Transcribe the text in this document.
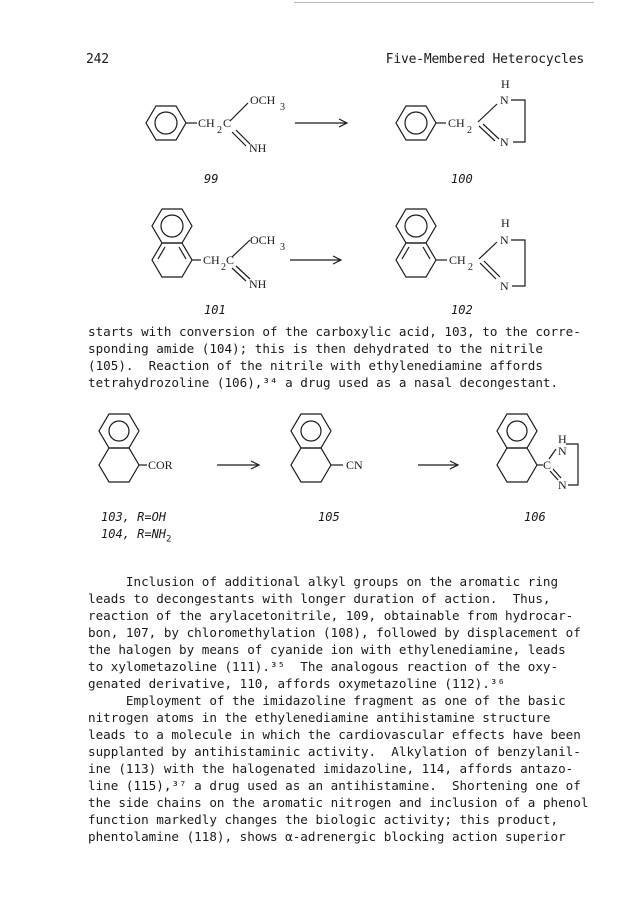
242	Five-Membered Heterocycles
OCH
3
CH
2
C
NH
H
N
CH
2
N
OCH
3
CH
2
C
NH
H
N
CH
2
N
COR	CN
H
N
C
N
99	100
101	102
103, R=OH
104, $R=NH_2$
105	106
starts with conversion of the carboxylic acid, 103, to the corre-
sponding amide (104); this is then dehydrated to the nitrile
(105).  Reaction of the nitrile with ethylenediamine affords
tetrahydrozoline (106),³⁴ a drug used as a nasal decongestant.
Inclusion of additional alkyl groups on the aromatic ring
leads to decongestants with longer duration of action.  Thus,
reaction of the arylacetonitrile, 109, obtainable from hydrocar-
bon, 107, by chloromethylation (108), followed by displacement of
the halogen by means of cyanide ion with ethylenediamine, leads
to xylometazoline (111).³⁵  The analogous reaction of the oxy-
genated derivative, 110, affords oxymetazoline (112).³⁶
Employment of the imidazoline fragment as one of the basic
nitrogen atoms in the ethylenediamine antihistamine structure
leads to a molecule in which the cardiovascular effects have been
supplanted by antihistaminic activity.  Alkylation of benzylanil-
ine (113) with the halogenated imidazoline, 114, affords antazo-
line (115),³⁷ a drug used as an antihistamine.  Shortening one of
the side chains on the aromatic nitrogen and inclusion of a phenol
function markedly changes the biologic activity; this product,
phentolamine (118), shows α-adrenergic blocking action superior
